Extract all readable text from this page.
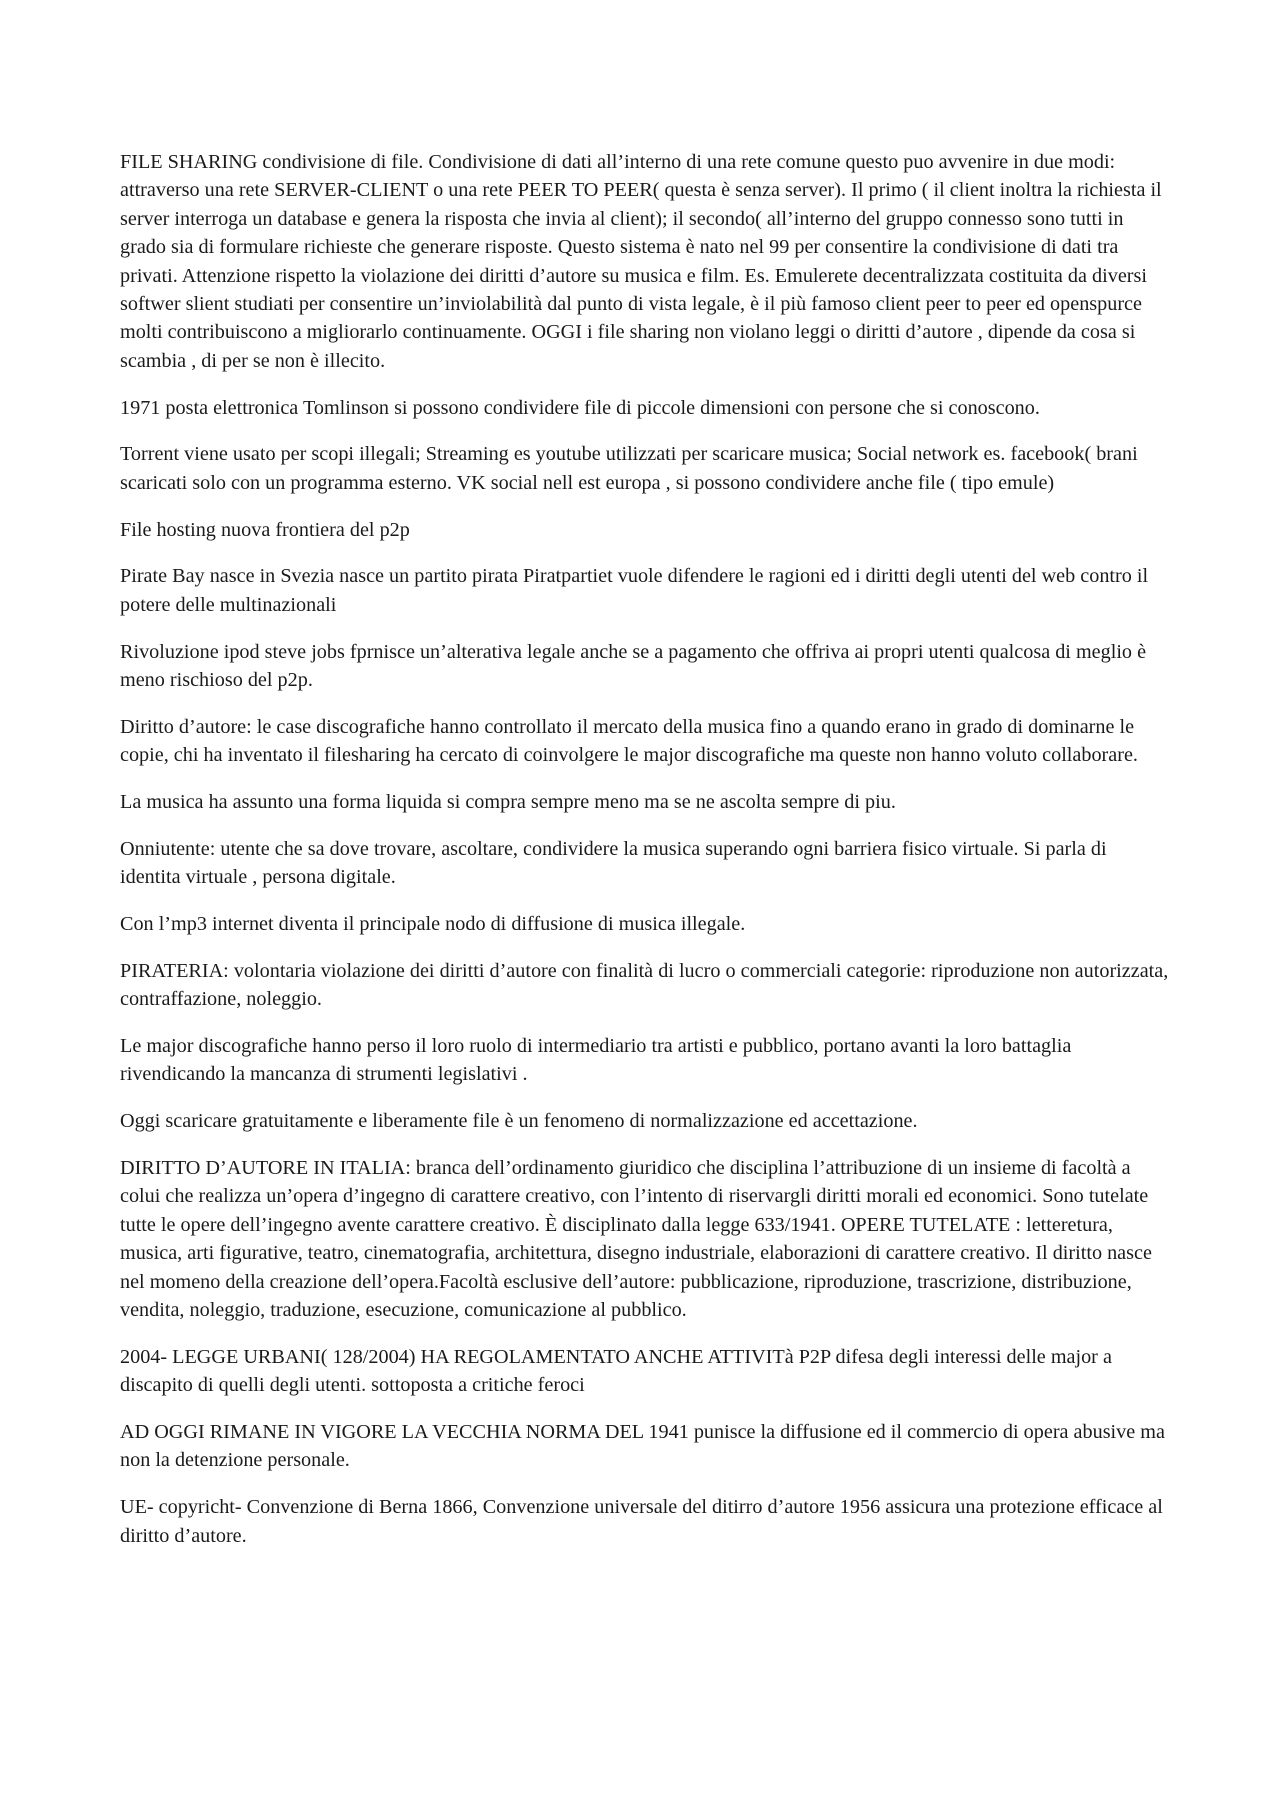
FILE SHARING condivisione di file. Condivisione di dati all’interno di una rete comune questo puo avvenire in due modi: attraverso una rete SERVER-CLIENT o una rete PEER TO PEER( questa è senza server). Il primo ( il client inoltra la richiesta il server interroga un database e genera la risposta che invia al client); il secondo( all’interno del gruppo connesso sono tutti in grado sia di formulare richieste che generare risposte. Questo sistema è nato nel 99 per consentire la condivisione di dati tra privati. Attenzione rispetto la violazione dei diritti d’autore su musica e film. Es. Emulerete decentralizzata costituita da diversi softwer slient studiati per consentire un’inviolabilità dal punto di vista legale, è il più famoso client peer to peer ed openspurce molti contribuiscono a migliorarlo continuamente. OGGI i file sharing non violano leggi o diritti d’autore , dipende da cosa si scambia , di per se non è illecito.

1971 posta elettronica Tomlinson si possono condividere file di piccole dimensioni con persone che si conoscono.

Torrent viene usato per scopi illegali; Streaming es youtube utilizzati per scaricare musica; Social network es. facebook( brani scaricati solo con un programma esterno. VK social nell est europa , si possono condividere anche file ( tipo emule)

File hosting nuova frontiera del p2p

Pirate Bay nasce in Svezia nasce un partito pirata Piratpartiet vuole difendere le ragioni ed i diritti degli utenti del web contro il potere delle multinazionali

Rivoluzione ipod steve jobs fprnisce un’alterativa legale anche se a pagamento che offriva ai propri utenti qualcosa di meglio è meno rischioso del p2p.

Diritto d’autore: le case discografiche hanno controllato il mercato della musica fino a quando erano in grado di dominarne le copie, chi ha inventato il filesharing ha cercato di coinvolgere le major discografiche ma queste non hanno voluto collaborare.

La musica ha assunto una forma liquida si compra sempre meno ma se ne ascolta sempre di piu.

Onniutente: utente che sa dove trovare, ascoltare, condividere la musica superando ogni barriera fisico virtuale. Si parla di identita virtuale , persona digitale.

Con l’mp3 internet diventa il principale nodo di diffusione di musica illegale.

PIRATERIA: volontaria violazione dei diritti d’autore con finalità di lucro o commerciali categorie: riproduzione non autorizzata, contraffazione, noleggio.

Le major discografiche hanno perso il loro ruolo di intermediario tra artisti e pubblico, portano avanti la loro battaglia rivendicando la mancanza di strumenti legislativi .

Oggi scaricare gratuitamente e liberamente file è un fenomeno di normalizzazione ed accettazione.

DIRITTO D’AUTORE IN ITALIA: branca dell’ordinamento giuridico che disciplina l’attribuzione di un insieme di facoltà a colui che realizza un’opera d’ingegno di carattere creativo, con l’intento di riservargli diritti morali ed economici. Sono tutelate tutte le opere dell’ingegno avente carattere creativo. È disciplinato dalla legge 633/1941. OPERE TUTELATE : letteretura, musica, arti figurative, teatro, cinematografia, architettura, disegno industriale, elaborazioni di carattere creativo. Il diritto nasce nel momeno della creazione dell’opera.Facoltà esclusive dell’autore: pubblicazione, riproduzione, trascrizione, distribuzione, vendita, noleggio, traduzione, esecuzione, comunicazione al pubblico.

2004- LEGGE URBANI( 128/2004) HA REGOLAMENTATO ANCHE ATTIVITà P2P difesa degli interessi delle major a discapito di quelli degli utenti. sottoposta a critiche feroci

AD OGGI RIMANE IN VIGORE LA VECCHIA NORMA DEL 1941 punisce la diffusione ed il commercio di opera abusive ma non la detenzione personale.

UE- copyricht- Convenzione di Berna 1866, Convenzione universale del ditirro d’autore 1956 assicura una protezione efficace al diritto d’autore.
